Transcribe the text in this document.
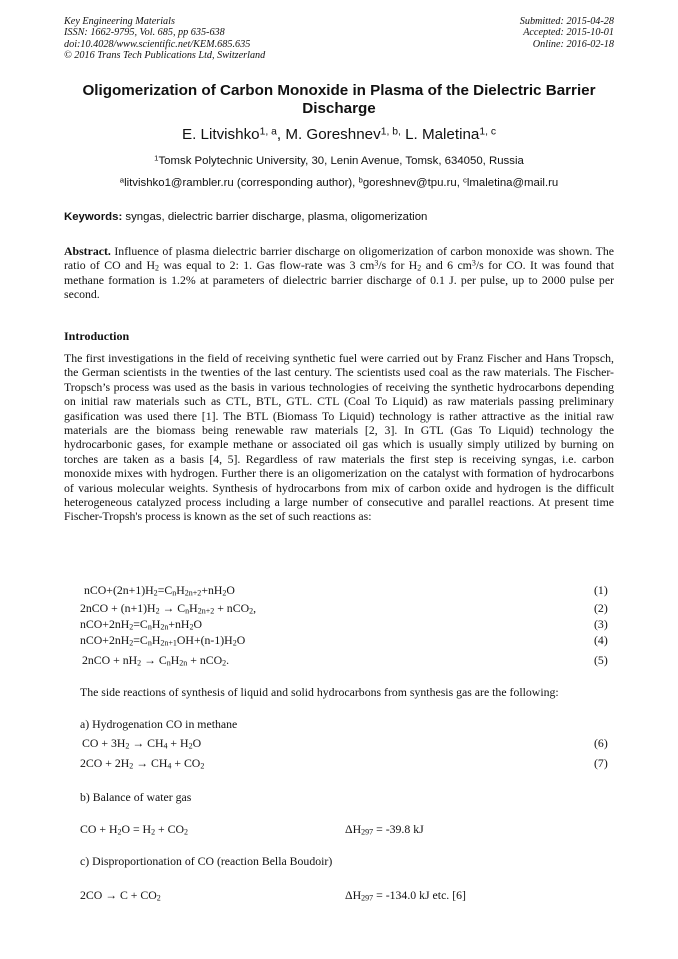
Key Engineering Materials
ISSN: 1662-9795, Vol. 685, pp 635-638
doi:10.4028/www.scientific.net/KEM.685.635
© 2016 Trans Tech Publications Ltd, Switzerland
Submitted: 2015-04-28
Accepted: 2015-10-01
Online: 2016-02-18
Oligomerization of Carbon Monoxide in Plasma of the Dielectric Barrier Discharge
E. Litvishko$^{1, a}$, M. Goreshnev$^{1, b,}$ L. Maletina$^{1, c}$
$^1$Tomsk Polytechnic University, 30, Lenin Avenue, Tomsk, 634050, Russia
$^a$litvishko1@rambler.ru (corresponding author), $^b$goreshnev@tpu.ru, $^c$lmaletina@mail.ru
Keywords: syngas, dielectric barrier discharge, plasma, oligomerization
Abstract. Influence of plasma dielectric barrier discharge on oligomerization of carbon monoxide was shown. The ratio of CO and $H_2$ was equal to 2: 1. Gas flow-rate was 3 $cm^3/s$ for $H_2$ and 6 $cm^3/s$ for CO. It was found that methane formation is 1.2% at parameters of dielectric barrier discharge of 0.1 J. per pulse, up to 2000 pulse per second.
Introduction
The first investigations in the field of receiving synthetic fuel were carried out by Franz Fischer and Hans Tropsch, the German scientists in the twenties of the last century. The scientists used coal as the raw materials. The Fischer-Tropsch’s process was used as the basis in various technologies of receiving the synthetic hydrocarbons depending on initial raw materials such as CTL, BTL, GTL. CTL (Coal To Liquid) as raw materials passing preliminary gasification was used there [1]. The BTL (Biomass To Liquid) technology is rather attractive as the initial raw materials are the biomass being renewable raw materials [2, 3]. In GTL (Gas To Liquid) technology the hydrocarbonic gases, for example methane or associated oil gas which is usually simply utilized by burning on torches are taken as a basis [4, 5]. Regardless of raw materials the first step is receiving syngas, i.e. carbon monoxide mixes with hydrogen. Further there is an oligomerization on the catalyst with formation of hydrocarbons of various molecular weights. Synthesis of hydrocarbons from mix of carbon oxide and hydrogen is the difficult heterogeneous catalyzed process including a large number of consecutive and parallel reactions. At present time Fischer-Tropsh's process is known as the set of such reactions as:
$nCO+(2n+1)H_2=C_nH_{2n+2}+nH_2O$	(1)
$2nCO + (n+1)H_2 \to C_nH_{2n+2} + nCO_2$,	(2)
$nCO+2nH_2=C_nH_{2n}+nH_2O$	(3)
$nCO+2nH_2=C_nH_{2n+1}OH+(n-1)H_2O$	(4)
$2nCO + nH_2 \to C_nH_{2n} + nCO_2$.	(5)
The side reactions of synthesis of liquid and solid hydrocarbons from synthesis gas are the following:
a) Hydrogenation CO in methane
CO + $3H_2 \to CH_4 + H_2O$	(6)
$2CO + 2H_2 \to CH_4 + CO_2$	(7)
b) Balance of water gas
CO + $H_2O = H_2 + CO_2$	$\Delta H_{297} = -39.8$ kJ
c) Disproportionation of CO (reaction Bella Boudoir)
$2CO \to C + CO_2$	$\Delta H_{297} = -134.0$ kJ etc. [6]
